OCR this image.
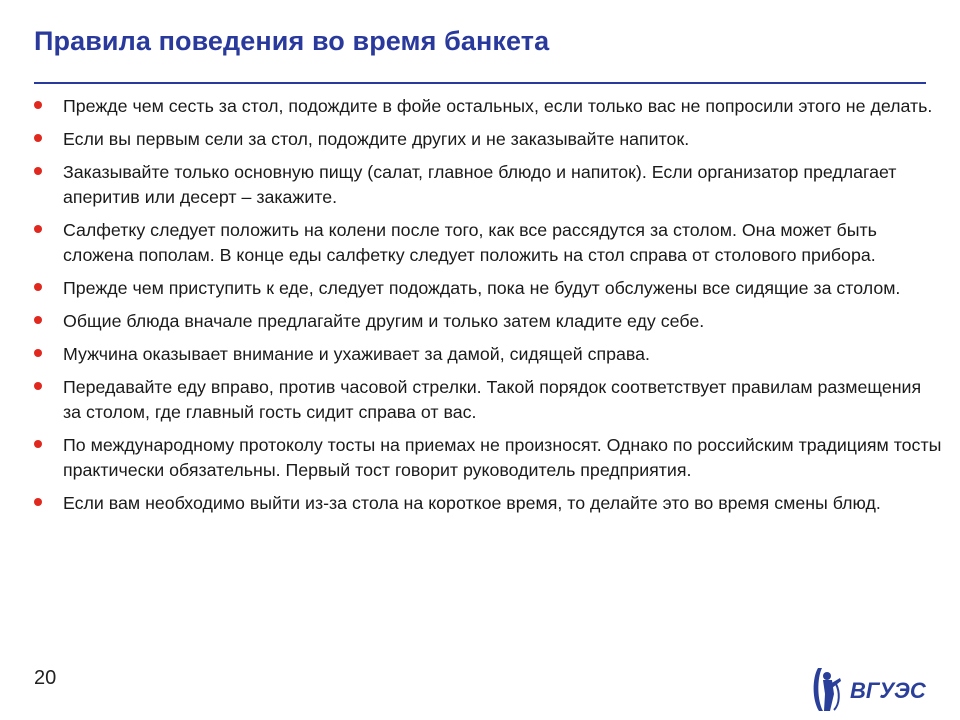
Правила поведения во время банкета
Прежде чем сесть за стол, подождите в фойе остальных, если только вас не попросили этого не делать.
Если вы первым сели за стол, подождите других и не заказывайте напиток.
Заказывайте только основную пищу (салат, главное блюдо и напиток). Если организатор предлагает аперитив или десерт – закажите.
Салфетку следует положить на колени после того, как все рассядутся за столом. Она может быть сложена пополам. В конце еды салфетку следует положить на стол справа от столового прибора.
Прежде чем приступить к еде, следует подождать, пока не будут обслужены все сидящие за столом.
Общие блюда вначале предлагайте другим и только затем кладите еду себе.
Мужчина оказывает внимание и ухаживает за дамой, сидящей справа.
Передавайте еду вправо, против часовой стрелки. Такой порядок соответствует правилам размещения за столом, где главный гость сидит справа от вас.
По международному протоколу тосты на приемах не произносят. Однако по российским традициям тосты практически обязательны. Первый тост говорит руководитель предприятия.
Если вам необходимо выйти из-за стола на короткое время, то делайте это во время смены блюд.
20	ВГУЭС
